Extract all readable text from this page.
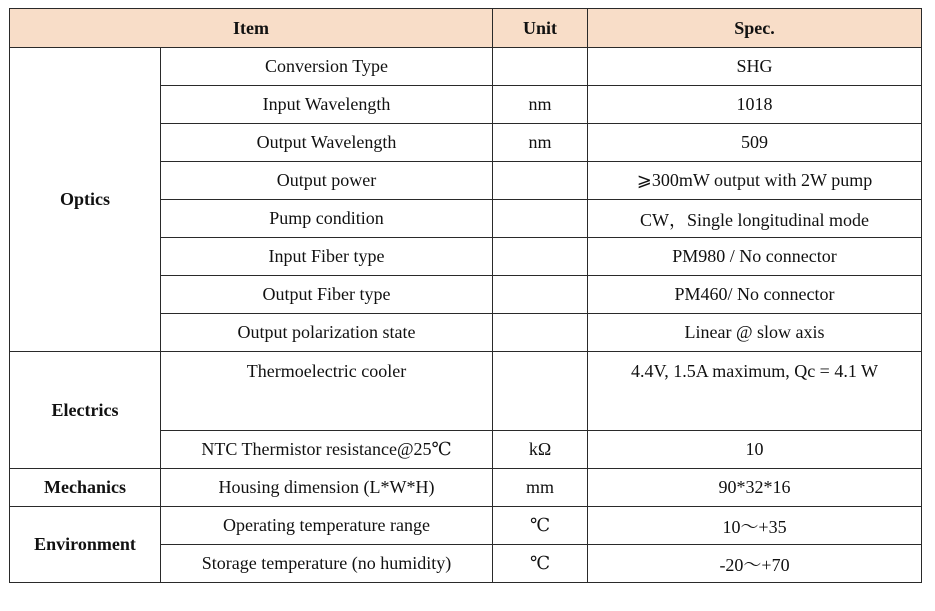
Item		Unit	Spec.
Optics	Conversion Type		SHG
	Input Wavelength	nm	1018
	Output Wavelength	nm	509
	Output power		⩾300mW output with 2W pump
	Pump condition		CW，Single longitudinal mode
	Input Fiber type		PM980 / No connector
	Output Fiber type		PM460/ No connector
	Output polarization state		Linear @ slow axis
Electrics	Thermoelectric cooler		4.4V, 1.5A maximum, Qc = 4.1 W
	NTC Thermistor resistance@25℃	kΩ	10
Mechanics	Housing dimension (L*W*H)	mm	90*32*16
Environment	Operating temperature range	℃	10～+35
	Storage temperature (no humidity)	℃	-20～+70
